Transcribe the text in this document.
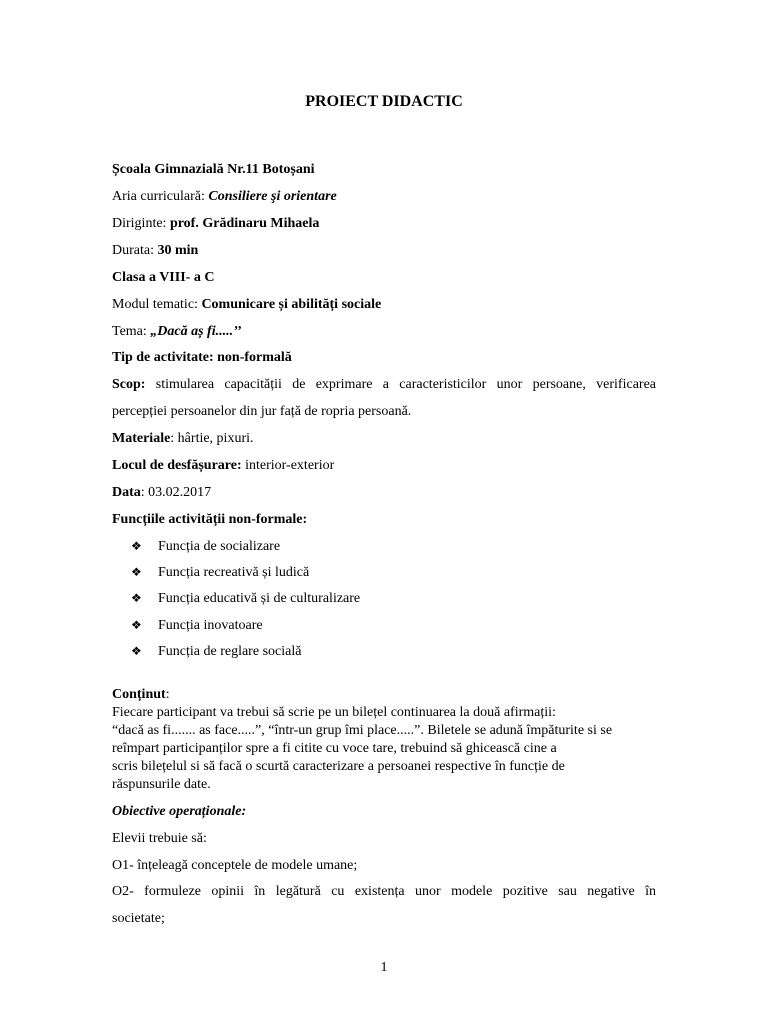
PROIECT DIDACTIC
Școala Gimnazială Nr.11 Botoșani
Aria curriculară: Consiliere şi orientare
Diriginte: prof. Grădinaru Mihaela
Durata: 30 min
Clasa a VIII- a C
Modul tematic: Comunicare și abilități sociale
Tema: „Dacă aș fi.....’’
Tip de activitate: non-formală
Scop: stimularea capacității de exprimare a caracteristicilor unor persoane, verificarea
percepției persoanelor din jur față de ropria persoană.
Materiale: hârtie, pixuri.
Locul de desfășurare: interior-exterior
Data: 03.02.2017
Funcțiile activității non-formale:
❖ Funcția de socializare
❖ Funcția recreativă și ludică
❖ Funcția educativă și de culturalizare
❖ Funcția inovatoare
❖ Funcția de reglare socială
Conținut:
Fiecare participant va trebui să scrie pe un bilețel continuarea la două afirmații:
“dacă as fi....... as face.....”, “într-un grup îmi place.....”. Biletele se adună împăturite si se
reîmpart participanților spre a fi citite cu voce tare, trebuind să ghicească cine a
scris bilețelul si să facă o scurtă caracterizare a persoanei respective în funcție de
răspunsurile date.
Obiective operaționale:
Elevii trebuie să:
O1- înțeleagă conceptele de modele umane;
O2- formuleze opinii în legătură cu existența unor modele pozitive sau negative în
societate;
1
